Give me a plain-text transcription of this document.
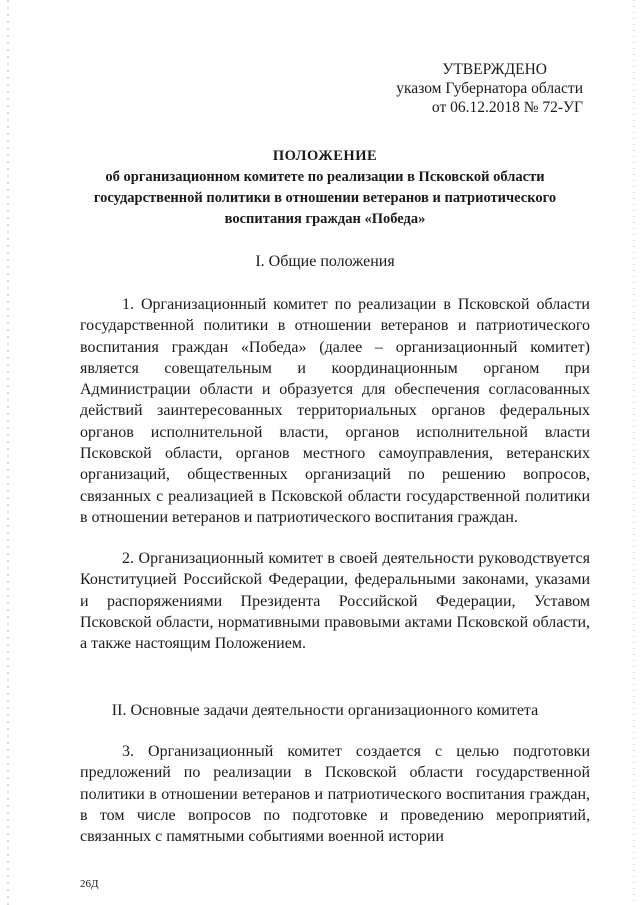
УТВЕРЖДЕНО
указом Губернатора области
от 06.12.2018 № 72-УГ
ПОЛОЖЕНИЕ
об организационном комитете по реализации в Псковской области государственной политики в отношении ветеранов и патриотического воспитания граждан «Победа»
I. Общие положения

1. Организационный комитет по реализации в Псковской области государственной политики в отношении ветеранов и патриотического воспитания граждан «Победа» (далее – организационный комитет) является совещательным и координационным органом при Администрации области и образуется для обеспечения согласованных действий заинтересованных территориальных органов федеральных органов исполнительной власти, органов исполнительной власти Псковской области, органов местного самоуправления, ветеранских организаций, общественных организаций по решению вопросов, связанных с реализацией в Псковской области государственной политики в отношении ветеранов и патриотического воспитания граждан.

2. Организационный комитет в своей деятельности руководствуется Конституцией Российской Федерации, федеральными законами, указами и распоряжениями Президента Российской Федерации, Уставом Псковской области, нормативными правовыми актами Псковской области, а также настоящим Положением.

II. Основные задачи деятельности организационного комитета

3. Организационный комитет создается с целью подготовки предложений по реализации в Псковской области государственной политики в отношении ветеранов и патриотического воспитания граждан, в том числе вопросов по подготовке и проведению мероприятий, связанных с памятными событиями военной истории

26Д
